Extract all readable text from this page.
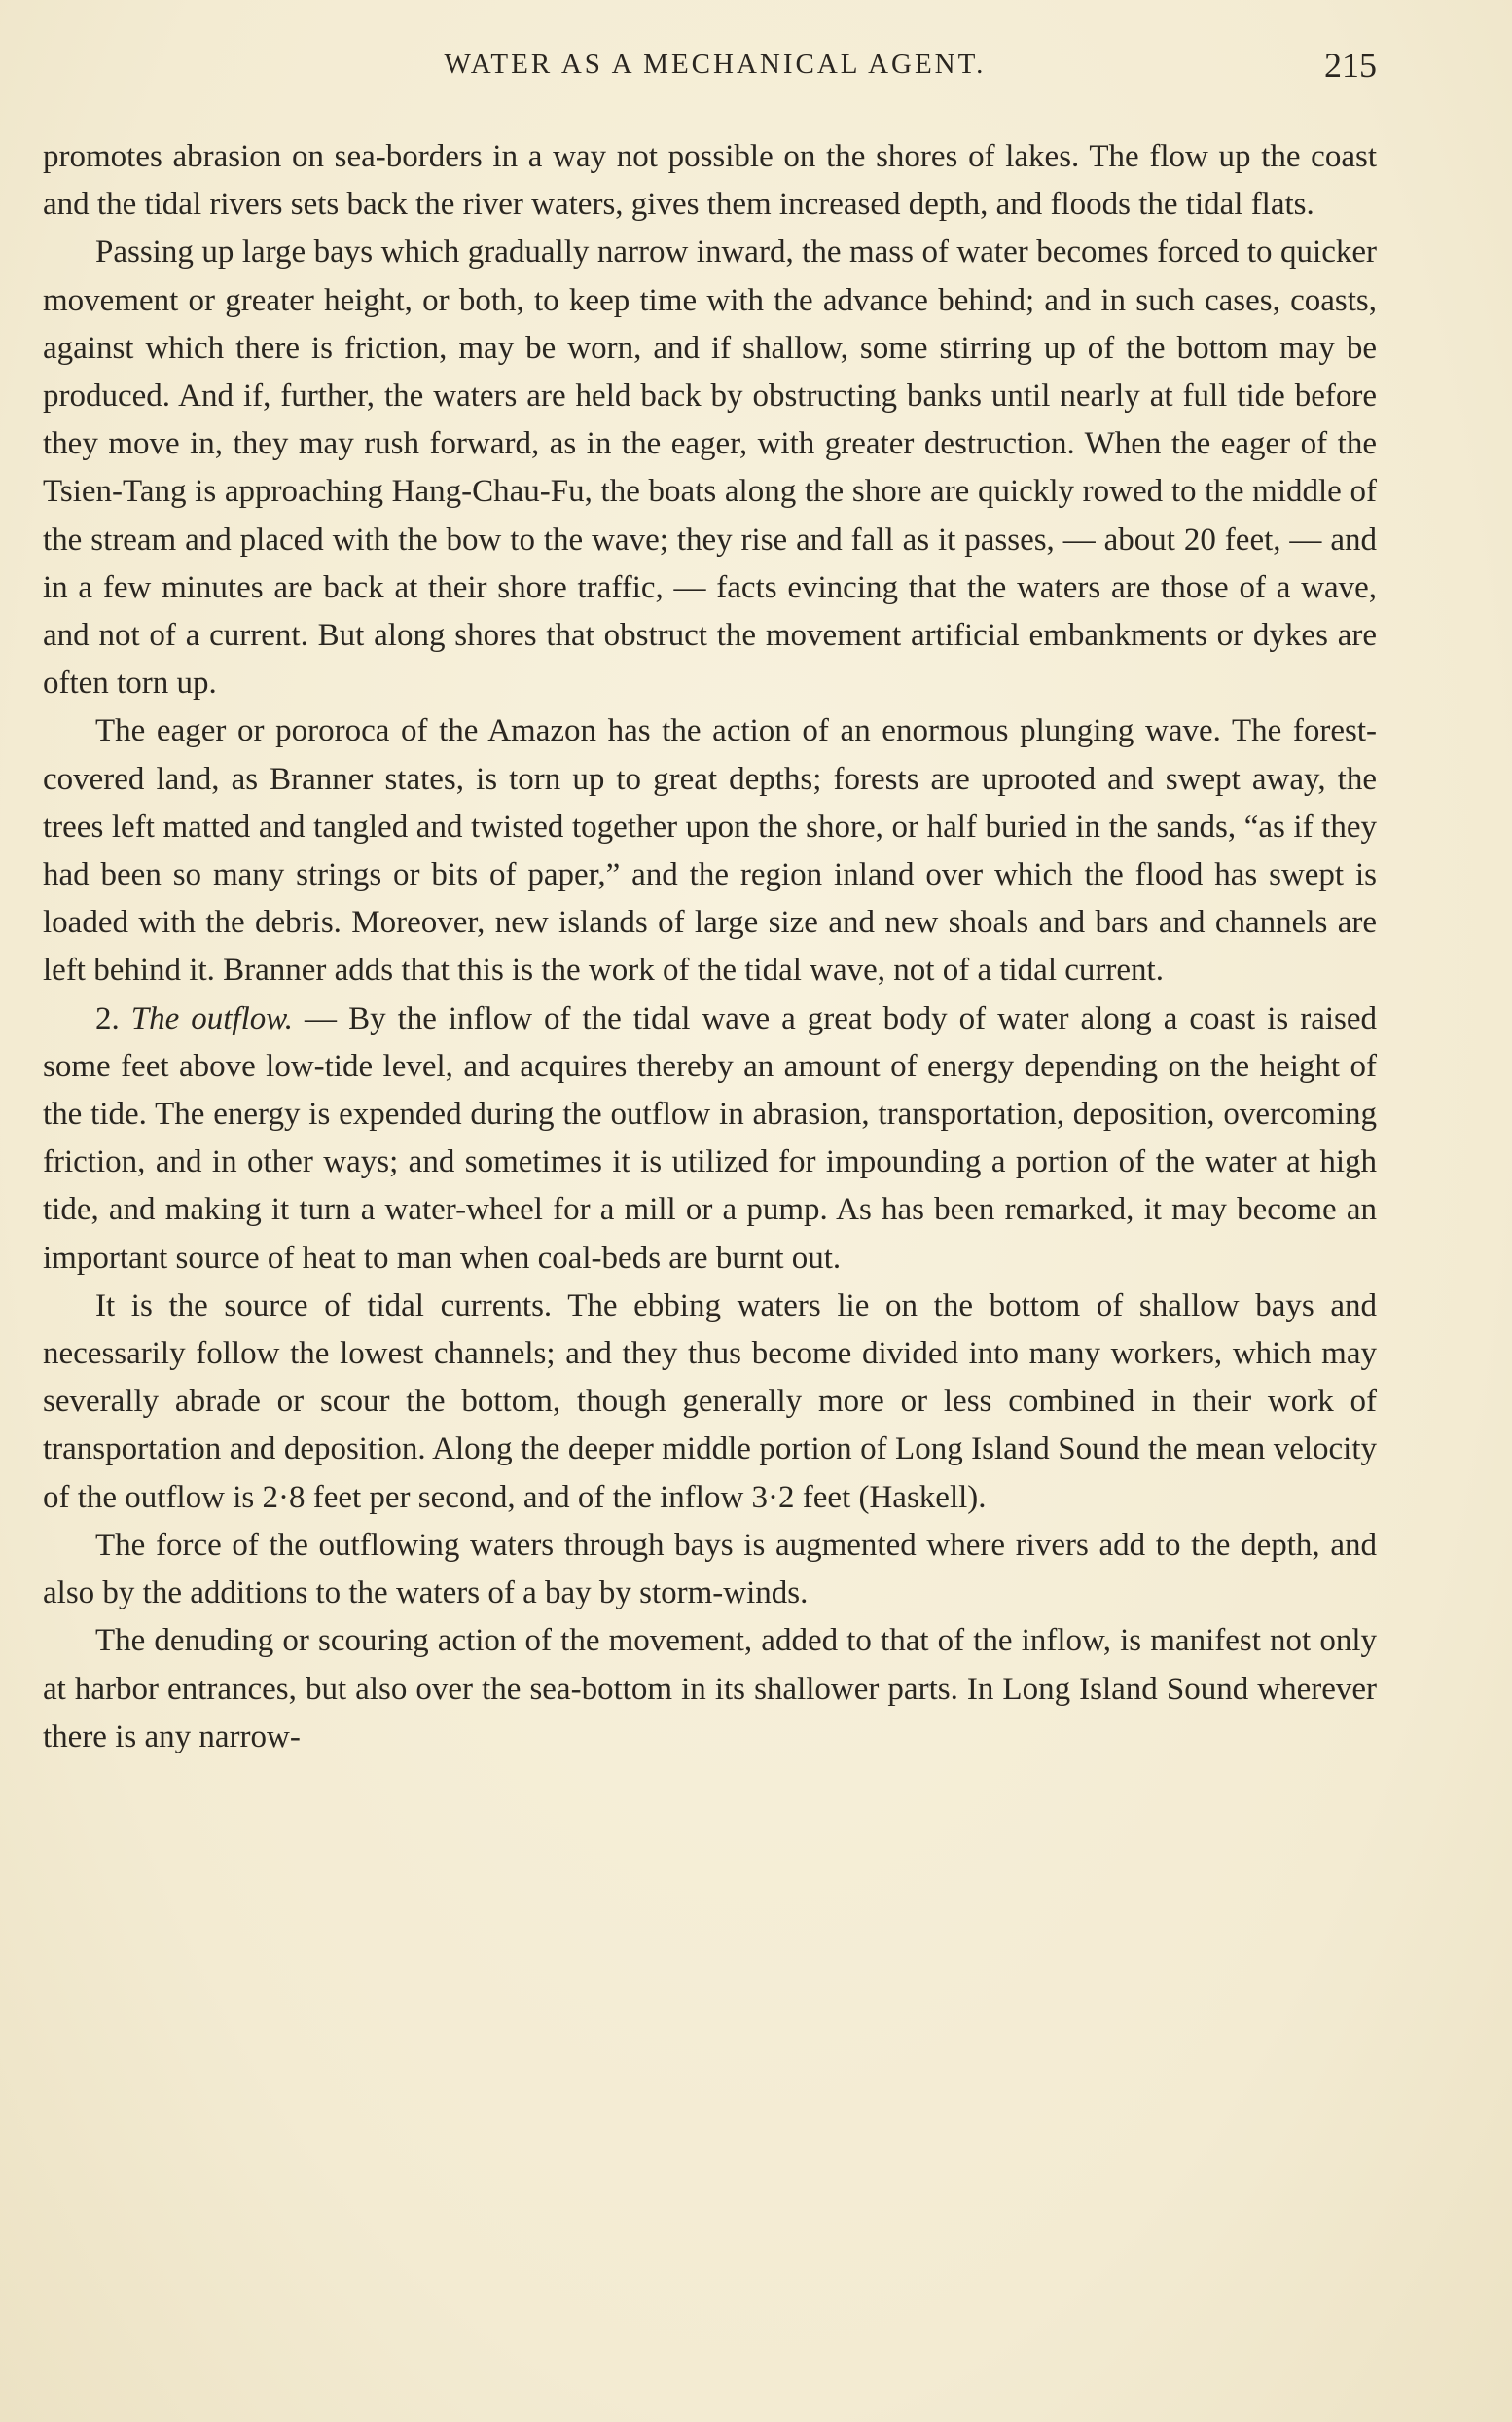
WATER AS A MECHANICAL AGENT.	215

promotes abrasion on sea-borders in a way not possible on the shores of lakes. The flow up the coast and the tidal rivers sets back the river waters, gives them increased depth, and floods the tidal flats.

Passing up large bays which gradually narrow inward, the mass of water becomes forced to quicker movement or greater height, or both, to keep time with the advance behind; and in such cases, coasts, against which there is friction, may be worn, and if shallow, some stirring up of the bottom may be produced. And if, further, the waters are held back by obstructing banks until nearly at full tide before they move in, they may rush forward, as in the eager, with greater destruction. When the eager of the Tsien-Tang is approaching Hang-Chau-Fu, the boats along the shore are quickly rowed to the middle of the stream and placed with the bow to the wave; they rise and fall as it passes, — about 20 feet, — and in a few minutes are back at their shore traffic, — facts evincing that the waters are those of a wave, and not of a current. But along shores that obstruct the movement artificial embankments or dykes are often torn up.

The eager or pororoca of the Amazon has the action of an enormous plunging wave. The forest-covered land, as Branner states, is torn up to great depths; forests are uprooted and swept away, the trees left matted and tangled and twisted together upon the shore, or half buried in the sands, “as if they had been so many strings or bits of paper,” and the region inland over which the flood has swept is loaded with the debris. Moreover, new islands of large size and new shoals and bars and channels are left behind it. Branner adds that this is the work of the tidal wave, not of a tidal current.

2. The outflow. — By the inflow of the tidal wave a great body of water along a coast is raised some feet above low-tide level, and acquires thereby an amount of energy depending on the height of the tide. The energy is expended during the outflow in abrasion, transportation, deposition, overcoming friction, and in other ways; and sometimes it is utilized for impounding a portion of the water at high tide, and making it turn a water-wheel for a mill or a pump. As has been remarked, it may become an important source of heat to man when coal-beds are burnt out.

It is the source of tidal currents. The ebbing waters lie on the bottom of shallow bays and necessarily follow the lowest channels; and they thus become divided into many workers, which may severally abrade or scour the bottom, though generally more or less combined in their work of transportation and deposition. Along the deeper middle portion of Long Island Sound the mean velocity of the outflow is 2·8 feet per second, and of the inflow 3·2 feet (Haskell).

The force of the outflowing waters through bays is augmented where rivers add to the depth, and also by the additions to the waters of a bay by storm-winds.

The denuding or scouring action of the movement, added to that of the inflow, is manifest not only at harbor entrances, but also over the sea-bottom in its shallower parts. In Long Island Sound wherever there is any narrow-
